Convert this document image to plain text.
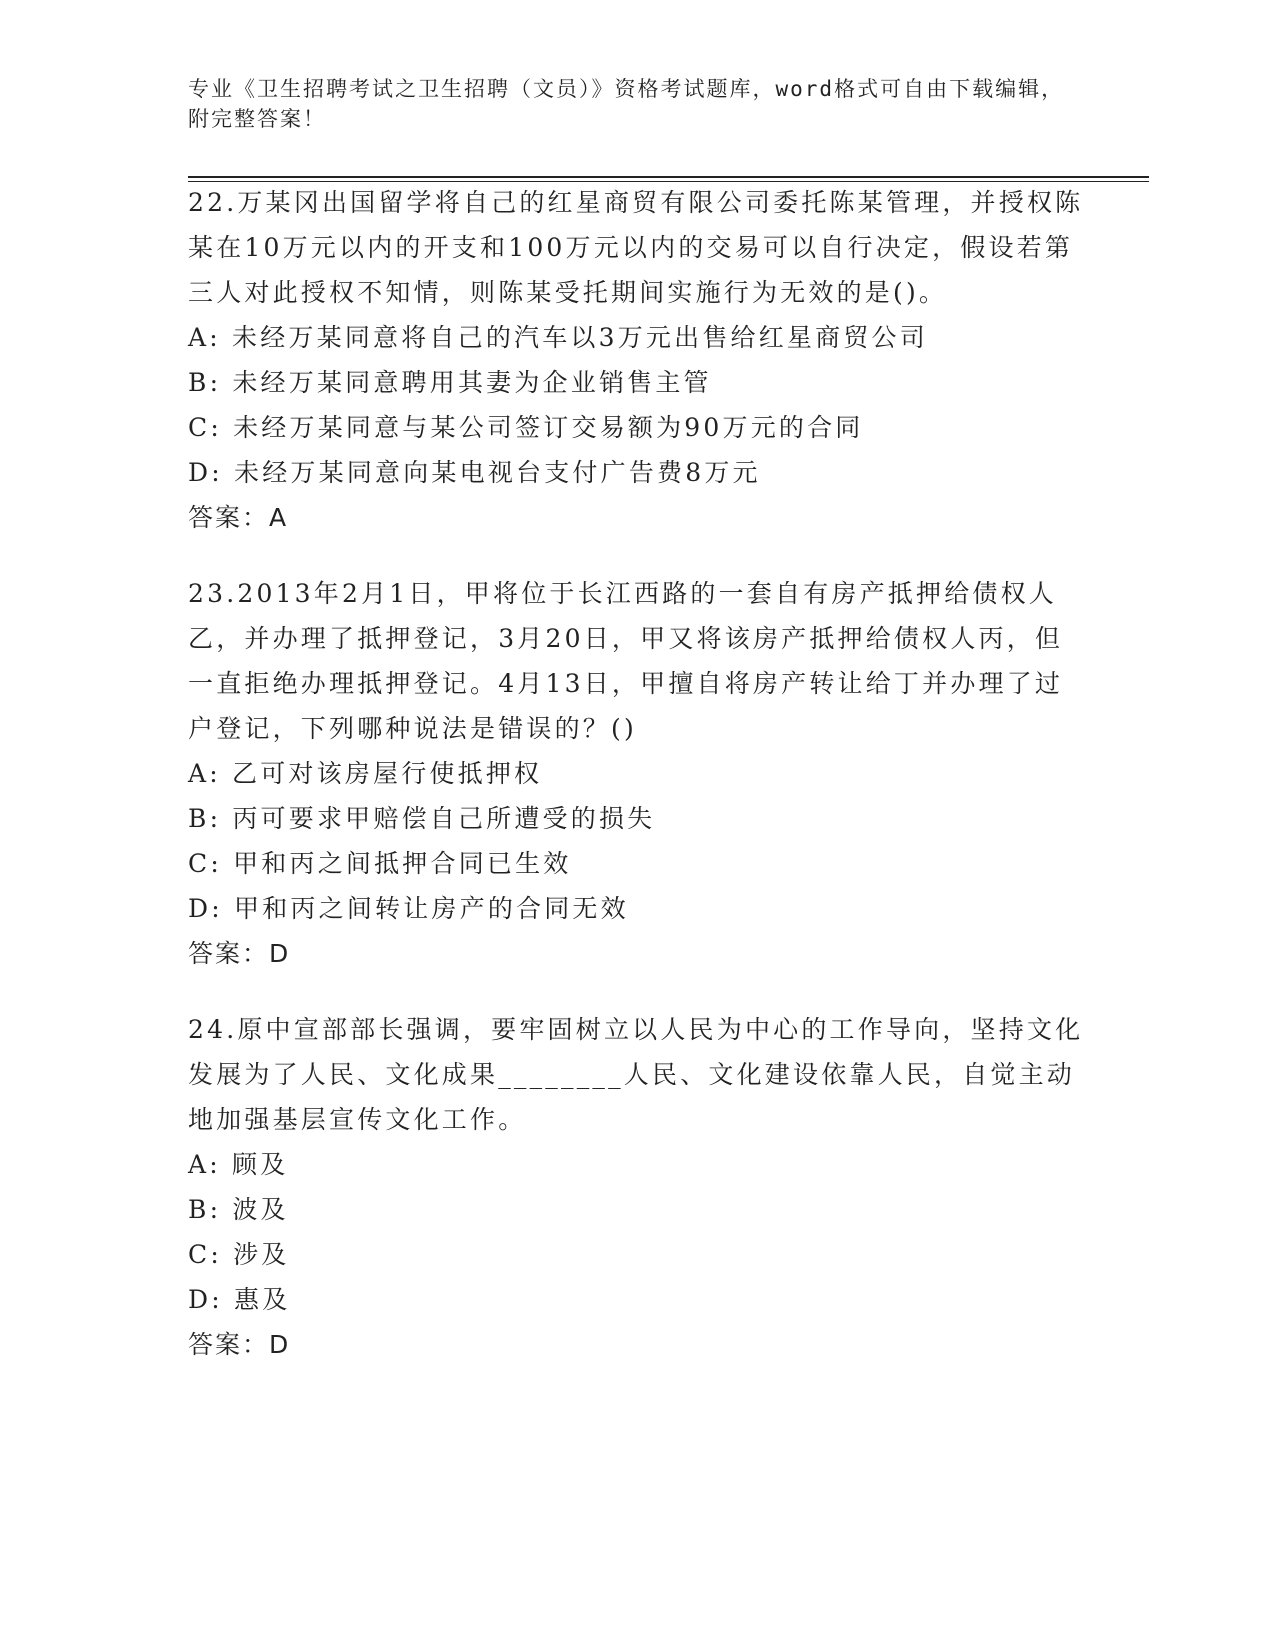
专业《卫生招聘考试之卫生招聘（文员）》资格考试题库，word格式可自由下载编辑，附完整答案！

22.万某冈出国留学将自己的红星商贸有限公司委托陈某管理，并授权陈某在10万元以内的开支和100万元以内的交易可以自行决定，假设若第三人对此授权不知情，则陈某受托期间实施行为无效的是()。

A: 未经万某同意将自己的汽车以3万元出售给红星商贸公司
B: 未经万某同意聘用其妻为企业销售主管
C: 未经万某同意与某公司签订交易额为90万元的合同
D: 未经万某同意向某电视台支付广告费8万元

答案：A

23.2013年2月1日，甲将位于长江西路的一套自有房产抵押给债权人乙，并办理了抵押登记，3月20日，甲又将该房产抵押给债权人丙，但一直拒绝办理抵押登记。4月13日，甲擅自将房产转让给丁并办理了过户登记，下列哪种说法是错误的？()

A: 乙可对该房屋行使抵押权
B: 丙可要求甲赔偿自己所遭受的损失
C: 甲和丙之间抵押合同已生效
D: 甲和丙之间转让房产的合同无效

答案：D

24.原中宣部部长强调，要牢固树立以人民为中心的工作导向，坚持文化发展为了人民、文化成果________人民、文化建设依靠人民，自觉主动地加强基层宣传文化工作。

A: 顾及
B: 波及
C: 涉及
D: 惠及

答案：D
